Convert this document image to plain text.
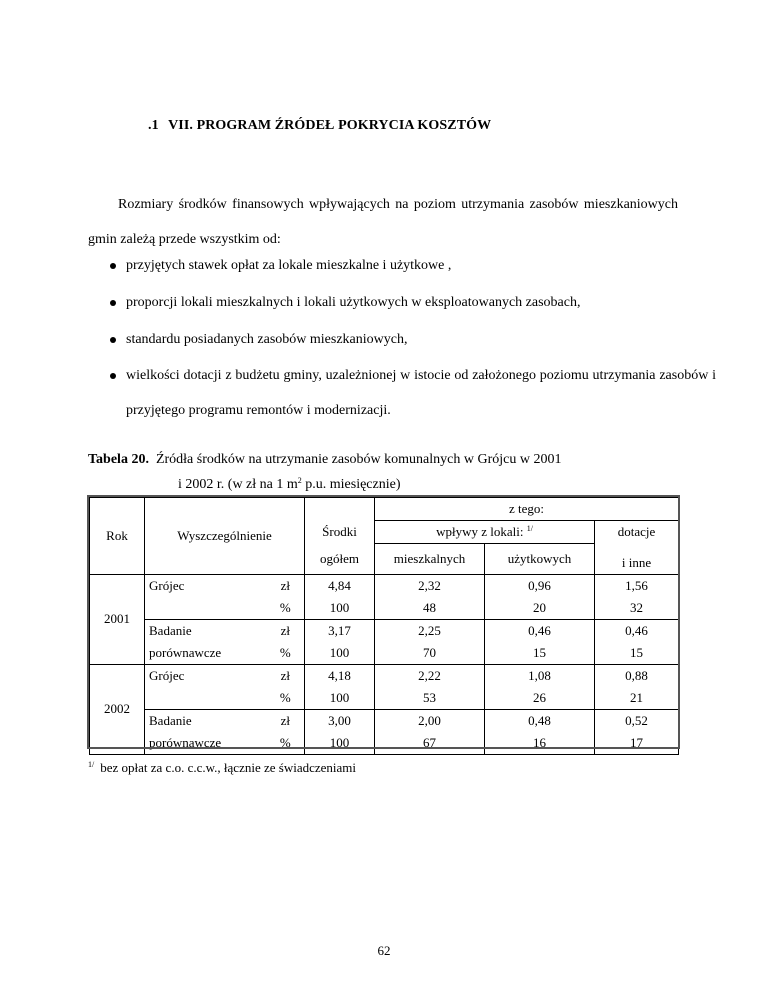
.1 VII. PROGRAM ŹRÓDEŁ POKRYCIA KOSZTÓW
Rozmiary środków finansowych wpływających na poziom utrzymania zasobów mieszkaniowych gmin zależą przede wszystkim od:
przyjętych stawek opłat za lokale mieszkalne i użytkowe ,
proporcji lokali mieszkalnych i lokali użytkowych w eksploatowanych zasobach,
standardu posiadanych zasobów mieszkaniowych,
wielkości dotacji z budżetu gminy, uzależnionej w istocie od założonego poziomu utrzymania zasobów i przyjętego programu remontów i modernizacji.
Tabela 20. Źródła środków na utrzymanie zasobów komunalnych w Grójcu w 2001
i 2002 r. (w zł na 1 $m^2$ p.u. miesięcznie)
Rok	Wyszczególnienie			z tego:		
			Środki	wpływy z lokali: $^{1/}$		dotacje
			ogółem	mieszkalnych	użytkowych	i inne
2001	Grójec	zł	4,84	2,32	0,96	1,56
		%	100	48	20	32
	Badanie	zł	3,17	2,25	0,46	0,46
	porównawcze	%	100	70	15	15
2002	Grójec	zł	4,18	2,22	1,08	0,88
		%	100	53	26	21
	Badanie	zł	3,00	2,00	0,48	0,52
	porównawcze	%	100	67	16	17
$^{1/}$ bez opłat za c.o. c.c.w., łącznie ze świadczeniami
62
